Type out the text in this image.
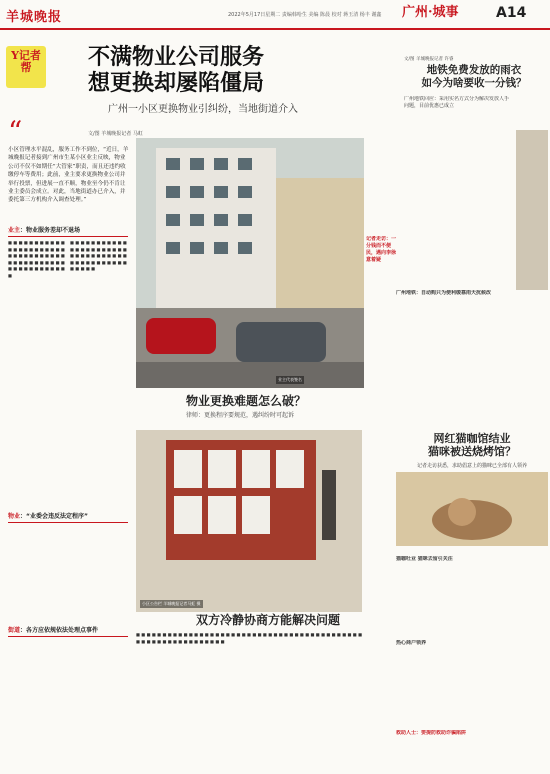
羊城晚报	2022年5月17日星期二 责编韩哈生 美编 陈晨 校对 蒋玉清 杨丰 谢鑫	广州·城事	A14
Y记者帮	不满物业公司服务
想更换却屡陷僵局
广州一小区更换物业引纠纷，当地街道介入
“	文/图 羊城晚报记者 马虹
小区管理水平混乱，服务工作不到位，“近日，羊城晚报记者接到广州市生某小区业主反映，物业公司不仅不如期任“大管家”职责，而且还违约收缴停车等费用；此前，业主要求更换物业公司并举行投票，但进展一直不顺，物业至今仍不肯让业主委员会成立。对此，当地街道办已介入，并委托第三方机构介入调查处理。”
业主：物业服务差却不退场
■ ■ ■ ■ ■ ■ ■ ■ ■ ■ ■ ■ ■ ■ ■ ■ ■ ■ ■ ■ ■ ■ ■ ■ ■ ■ ■ ■ ■ ■ ■ ■ ■ ■ ■ ■ ■ ■ ■ ■ ■ ■ ■ ■ ■ ■ ■ ■ ■ ■ ■ ■ ■ ■ ■ ■
■ ■ ■ ■ ■ ■ ■ ■ ■ ■ ■ ■ ■ ■ ■ ■ ■ ■ ■ ■ ■ ■ ■ ■ ■ ■ ■ ■ ■ ■ ■ ■ ■ ■ ■ ■ ■ ■ ■ ■ ■ ■ ■ ■ ■ ■ ■ ■ ■
物业：“业委会违反法定程序”
街道：各方应依规依法处理点事件
业主代表签名
物业更换难题怎么破？
律师：更换程序要规范，遇纠纷时可起诉
小区公告栏 羊城晚报记者马虹 摄
双方冷静协商方能解决问题
■ ■ ■ ■ ■ ■ ■ ■ ■ ■ ■ ■ ■ ■ ■ ■ ■ ■ ■ ■ ■ ■ ■ ■ ■ ■ ■ ■ ■ ■ ■ ■ ■ ■ ■ ■ ■ ■ ■ ■ ■ ■ ■ ■ ■ ■ ■ ■ ■ ■ ■ ■ ■ ■ ■ ■ ■ ■ ■ ■
文/图 羊城晚报记者 许睿
地铁免费发放的雨衣
如今为啥要收一分钱？
广州地铁回应：采用实名方式分为解决发放人手问题，目前优惠已成立
记者走访：一分钱而不便民，遇向李徐意着疑
广州地铁：自动购只为便利缓靠雨天扰候改
网红猫咖馆结业
猫咪被送烧烤馆？
记者走访获悉，求助倡意上的猫咪已全部有人领养
猫咖吐业 猫咪去留引关注
热心商户领养
救助人士：要提防救助诈骗陷阱
